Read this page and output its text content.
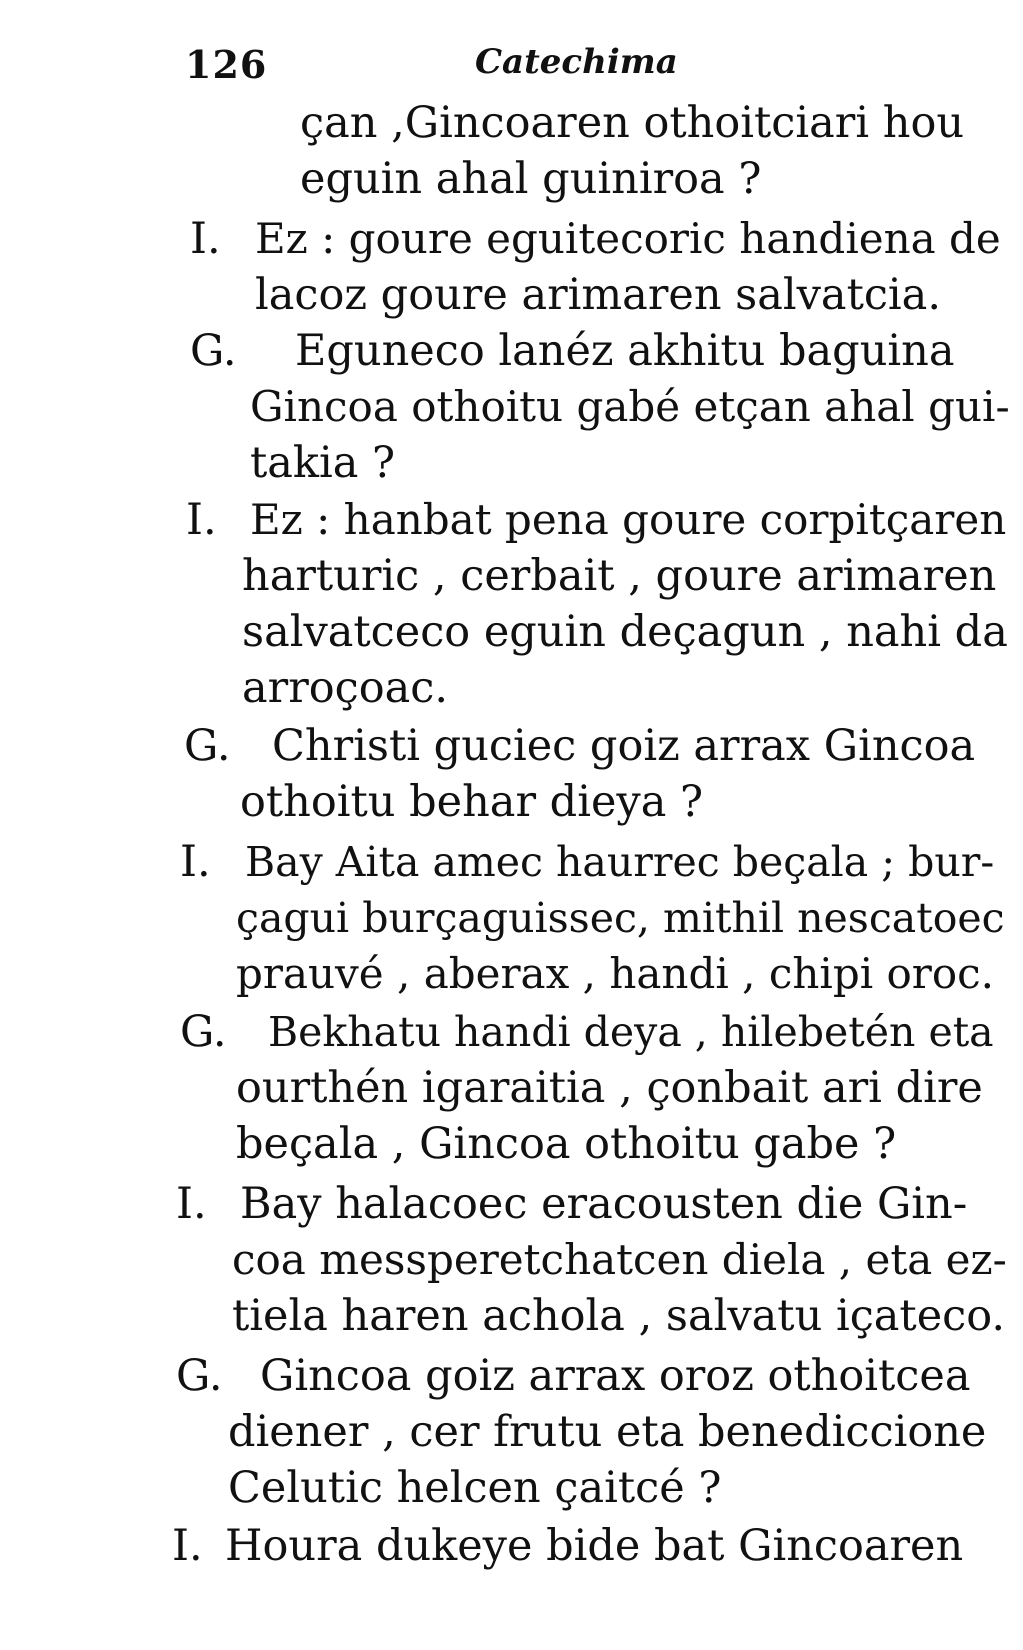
126	Catechima
çan ,Gincoaren othoitciari hou
eguin ahal guiniroa ?
I. Ez : goure eguitecoric handiena de
lacoz goure arimaren salvatcia.
G. Eguneco lanéz akhitu baguina
Gincoa othoitu gabé etçan ahal gui-
takia ?
I. Ez : hanbat pena goure corpitçaren
harturic , cerbait , goure arimaren
salvatceco eguin deçagun , nahi da
arroçoac.
G. Christi guciec goiz arrax Gincoa
othoitu behar dieya ?
I. Bay Aita amec haurrec beçala ; bur-
çagui burçaguissec, mithil nescatoec
prauvé , aberax , handi , chipi oroc.
G. Bekhatu handi deya , hilebetén eta
ourthén igaraitia , çonbait ari dire
beçala , Gincoa othoitu gabe ?
I. Bay halacoec eracousten die Gin-
coa messperetchatcen diela , eta ez-
tiela haren achola , salvatu içateco.
G. Gincoa goiz arrax oroz othoitcea
diener , cer frutu eta benediccione
Celutic helcen çaitcé ?
I. Houra dukeye bide bat Gincoaren
